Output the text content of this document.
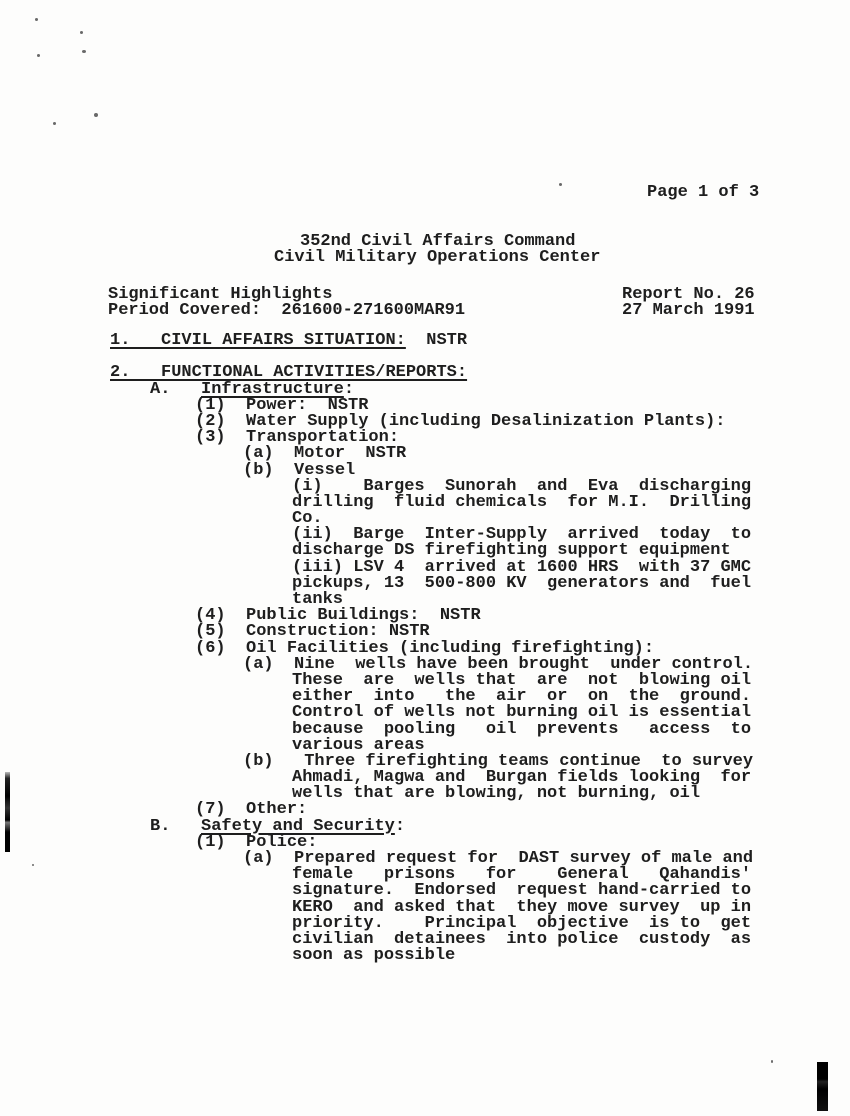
Page 1 of 3
352nd Civil Affairs Command
Civil Military Operations Center
Significant Highlights
Period Covered:  261600-271600MAR91
Report No. 26
27 March 1991
1.   CIVIL AFFAIRS SITUATION:  NSTR
2.   FUNCTIONAL ACTIVITIES/REPORTS:
A.   Infrastructure:
(1)  Power:  NSTR
(2)  Water Supply (including Desalinization Plants):
(3)  Transportation:
(a)  Motor  NSTR
(b)  Vessel
(i)    Barges  Sunorah  and  Eva  discharging
drilling  fluid chemicals  for M.I.  Drilling
Co.
(ii)  Barge  Inter-Supply  arrived  today  to
discharge DS firefighting support equipment
(iii) LSV 4  arrived at 1600 HRS  with 37 GMC
pickups, 13  500-800 KV  generators and  fuel
tanks
(4)  Public Buildings:  NSTR
(5)  Construction: NSTR
(6)  Oil Facilities (including firefighting):
(a)  Nine  wells have been brought  under control.
These  are  wells that  are  not  blowing oil
either  into   the  air  or  on  the  ground.
Control of wells not burning oil is essential
because  pooling   oil  prevents   access  to
various areas
(b)   Three firefighting teams continue  to survey
Ahmadi, Magwa and  Burgan fields looking  for
wells that are blowing, not burning, oil
(7)  Other:
B.   Safety and Security:
(1)  Police:
(a)  Prepared request for  DAST survey of male and
female   prisons   for    General   Qahandis'
signature.  Endorsed  request hand-carried to
KERO  and asked that  they move survey  up in
priority.    Principal  objective  is to  get
civilian  detainees  into police  custody  as
soon as possible
